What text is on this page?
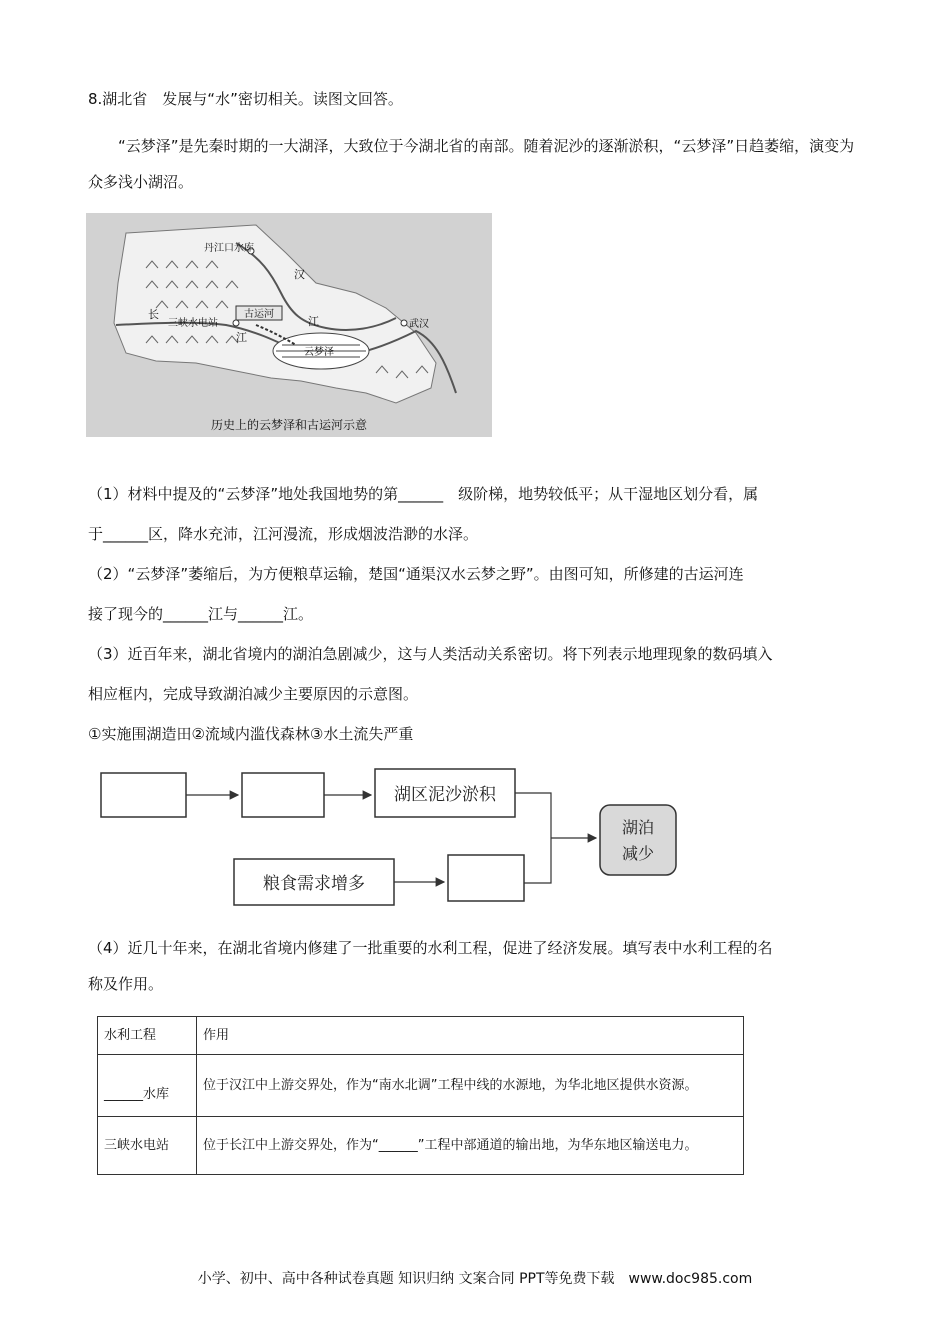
8.湖北省　发展与“水”密切相关。读图文回答。
“云梦泽”是先秦时期的一大湖泽，大致位于今湖北省的南部。随着泥沙的逐渐淤积，“云梦泽”日趋萎缩，演变为众多浅小湖沼。
古运河
丹江口水库
汉
江
长
江
三峡水电站
云梦泽
武汉
历史上的云梦泽和古运河示意
（1）材料中提及的“云梦泽”地处我国地势的第______　级阶梯，地势较低平；从干湿地区划分看，属
于______区，降水充沛，江河漫流，形成烟波浩渺的水泽。
（2）“云梦泽”萎缩后，为方便粮草运输，楚国“通渠汉水云梦之野”。由图可知，所修建的古运河连
接了现今的______江与______江。
（3）近百年来，湖北省境内的湖泊急剧减少，这与人类活动关系密切。将下列表示地理现象的数码填入
相应框内，完成导致湖泊减少主要原因的示意图。
①实施围湖造田②流域内滥伐森林③水土流失严重
湖区泥沙淤积
粮食需求增多
湖泊
减少
（4）近几十年来，在湖北省境内修建了一批重要的水利工程，促进了经济发展。填写表中水利工程的名
称及作用。
水利工程	作用
______水库	位于汉江中上游交界处，作为“南水北调”工程中线的水源地，为华北地区提供水资源。
三峡水电站	位于长江中上游交界处，作为“______”工程中部通道的输出地，为华东地区输送电力。
小学、初中、高中各种试卷真题 知识归纳 文案合同 PPT等免费下载　www.doc985.com
